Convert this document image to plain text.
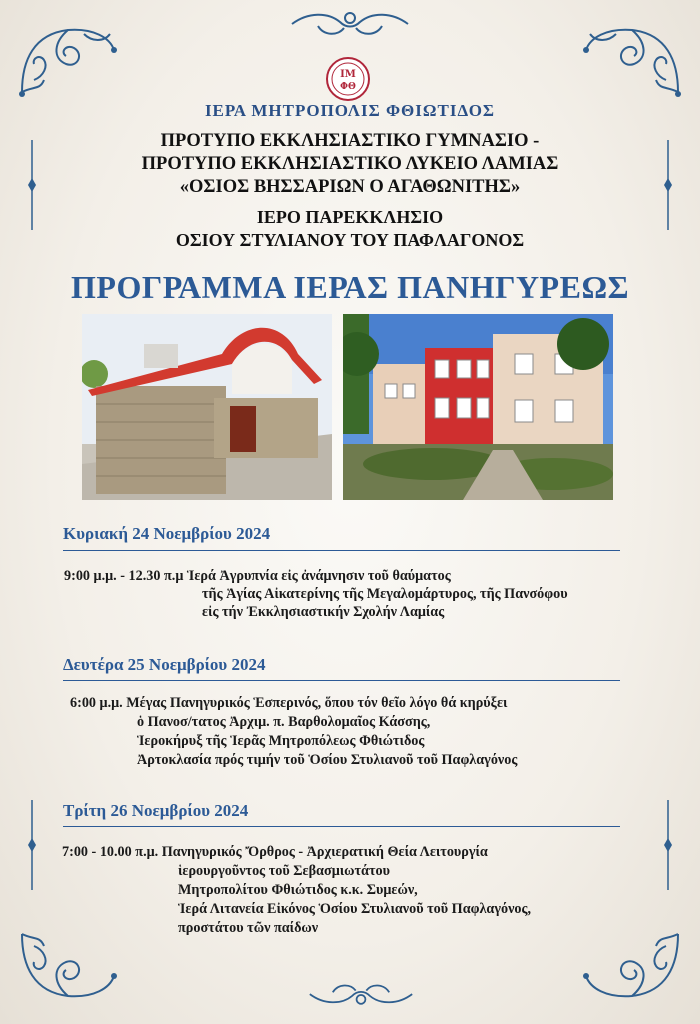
ΙΜ
ΦΘ
ΙΕΡΑ ΜΗΤΡΟΠΟΛΙΣ ΦΘΙΩΤΙΔΟΣ
ΠΡΟΤΥΠΟ ΕΚΚΛΗΣΙΑΣΤΙΚΟ ΓΥΜΝΑΣΙΟ -
ΠΡΟΤΥΠΟ ΕΚΚΛΗΣΙΑΣΤΙΚΟ ΛΥΚΕΙΟ ΛΑΜΙΑΣ
«ΟΣΙΟΣ ΒΗΣΣΑΡΙΩΝ Ο ΑΓΑΘΩΝΙΤΗΣ»
ΙΕΡΟ ΠΑΡΕΚΚΛΗΣΙΟ
ΟΣΙΟΥ ΣΤΥΛΙΑΝΟΥ ΤΟΥ ΠΑΦΛΑΓΟΝΟΣ
ΠΡΟΓΡΑΜΜΑ ΙΕΡΑΣ ΠΑΝΗΓΥΡΕΩΣ
Κυριακή 24 Νοεμβρίου 2024
9:00 μ.μ. - 12.30 π.μ Ἱερά Ἀγρυπνία εἰς ἀνάμνησιν τοῦ θαύματος
τῆς Ἁγίας Αἰκατερίνης τῆς Μεγαλομάρτυρος, τῆς Πανσόφου
εἰς τήν Ἐκκλησιαστικήν Σχολήν Λαμίας
Δευτέρα 25 Νοεμβρίου 2024
6:00 μ.μ. Μέγας Πανηγυρικός Ἑσπερινός, ὅπου τόν θεῖο λόγο θά κηρύξει
ὁ Πανοσ/τατος Ἀρχιμ. π. Βαρθολομαῖος Κάσσης,
Ἱεροκήρυξ τῆς Ἱερᾶς Μητροπόλεως Φθιώτιδος
Ἀρτοκλασία πρός τιμήν τοῦ Ὁσίου Στυλιανοῦ τοῦ Παφλαγόνος
Τρίτη 26 Νοεμβρίου 2024
7:00 - 10.00 π.μ. Πανηγυρικός Ὄρθρος - Ἀρχιερατική Θεία Λειτουργία
ἱερουργοῦντος τοῦ Σεβασμιωτάτου
Μητροπολίτου Φθιώτιδος κ.κ. Συμεών,
Ἱερά Λιτανεία Εἰκόνος Ὁσίου Στυλιανοῦ τοῦ Παφλαγόνος,
προστάτου τῶν παίδων
